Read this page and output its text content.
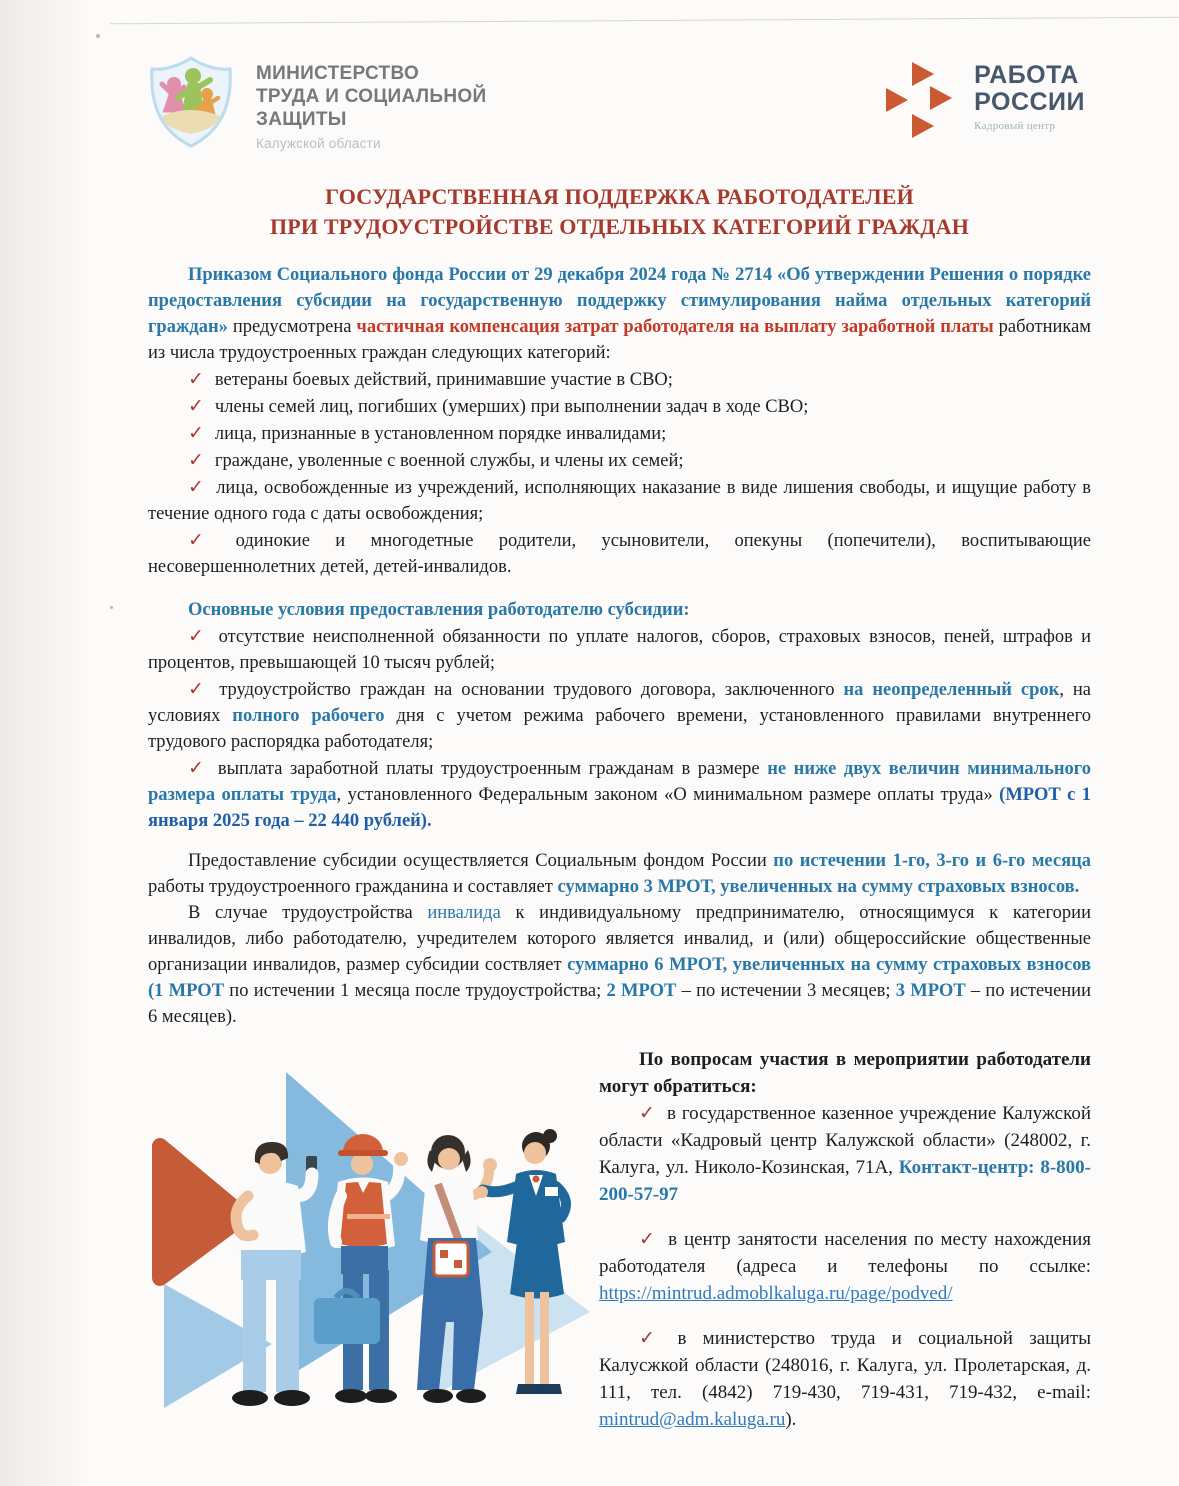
МИНИСТЕРСТВО
ТРУДА И СОЦИАЛЬНОЙ
ЗАЩИТЫ
Калужской области
РАБОТА
РОССИИ
Кадровый центр
ГОСУДАРСТВЕННАЯ ПОДДЕРЖКА РАБОТОДАТЕЛЕЙ
ПРИ ТРУДОУСТРОЙСТВЕ ОТДЕЛЬНЫХ КАТЕГОРИЙ ГРАЖДАН

Приказом Социального фонда России от 29 декабря 2024 года № 2714 «Об утверждении Решения о порядке предоставления субсидии на государственную поддержку стимулирования найма отдельных категорий граждан» предусмотрена частичная компенсация затрат работодателя на выплату заработной платы работникам из числа трудоустроенных граждан следующих категорий:

✓ ветераны боевых действий, принимавшие участие в СВО;

✓ члены семей лиц, погибших (умерших) при выполнении задач в ходе СВО;

✓ лица, признанные в установленном порядке инвалидами;

✓ граждане, уволенные с военной службы, и члены их семей;

✓ лица, освобожденные из учреждений, исполняющих наказание в виде лишения свободы, и ищущие работу в течение одного года с даты освобождения;

✓ одинокие и многодетные родители, усыновители, опекуны (попечители), воспитывающие несовершеннолетних детей, детей-инвалидов.

Основные условия предоставления работодателю субсидии:

✓ отсутствие неисполненной обязанности по уплате налогов, сборов, страховых взносов, пеней, штрафов и процентов, превышающей 10 тысяч рублей;

✓ трудоустройство граждан на основании трудового договора, заключенного на неопределенный срок, на условиях полного рабочего дня с учетом режима рабочего времени, установленного правилами внутреннего трудового распорядка работодателя;

✓ выплата заработной платы трудоустроенным гражданам в размере не ниже двух величин минимального размера оплаты труда, установленного Федеральным законом «О минимальном размере оплаты труда» (МРОТ с 1 января 2025 года – 22 440 рублей).

Предоставление субсидии осуществляется Социальным фондом России по истечении 1-го, 3-го и 6-го месяца работы трудоустроенного гражданина и составляет суммарно 3 МРОТ, увеличенных на сумму страховых взносов.

В случае трудоустройства инвалида к индивидуальному предпринимателю, относящимуся к категории инвалидов, либо работодателю, учредителем которого является инвалид, и (или) общероссийские общественные организации инвалидов, размер субсидии соствляет суммарно 6 МРОТ, увеличенных на сумму страховых взносов (1 МРОТ по истечении 1 месяца после трудоустройства; 2 МРОТ – по истечении 3 месяцев; 3 МРОТ – по истечении 6 месяцев).

По вопросам участия в мероприятии работодатели могут обратиться:

✓ в государственное казенное учреждение Калужской области «Кадровый центр Калужской области» (248002, г. Калуга, ул. Николо-Козинская, 71А, Контакт-центр: 8-800-200-57-97

✓ в центр занятости населения по месту нахождения работодателя (адреса и телефоны по ссылке: https://mintrud.admoblkaluga.ru/page/podved/

✓ в министерство труда и социальной защиты Калусжкой области (248016, г. Калуга, ул. Пролетарская, д. 111, тел. (4842) 719-430, 719-431, 719-432, e-mail: mintrud@adm.kaluga.ru).
